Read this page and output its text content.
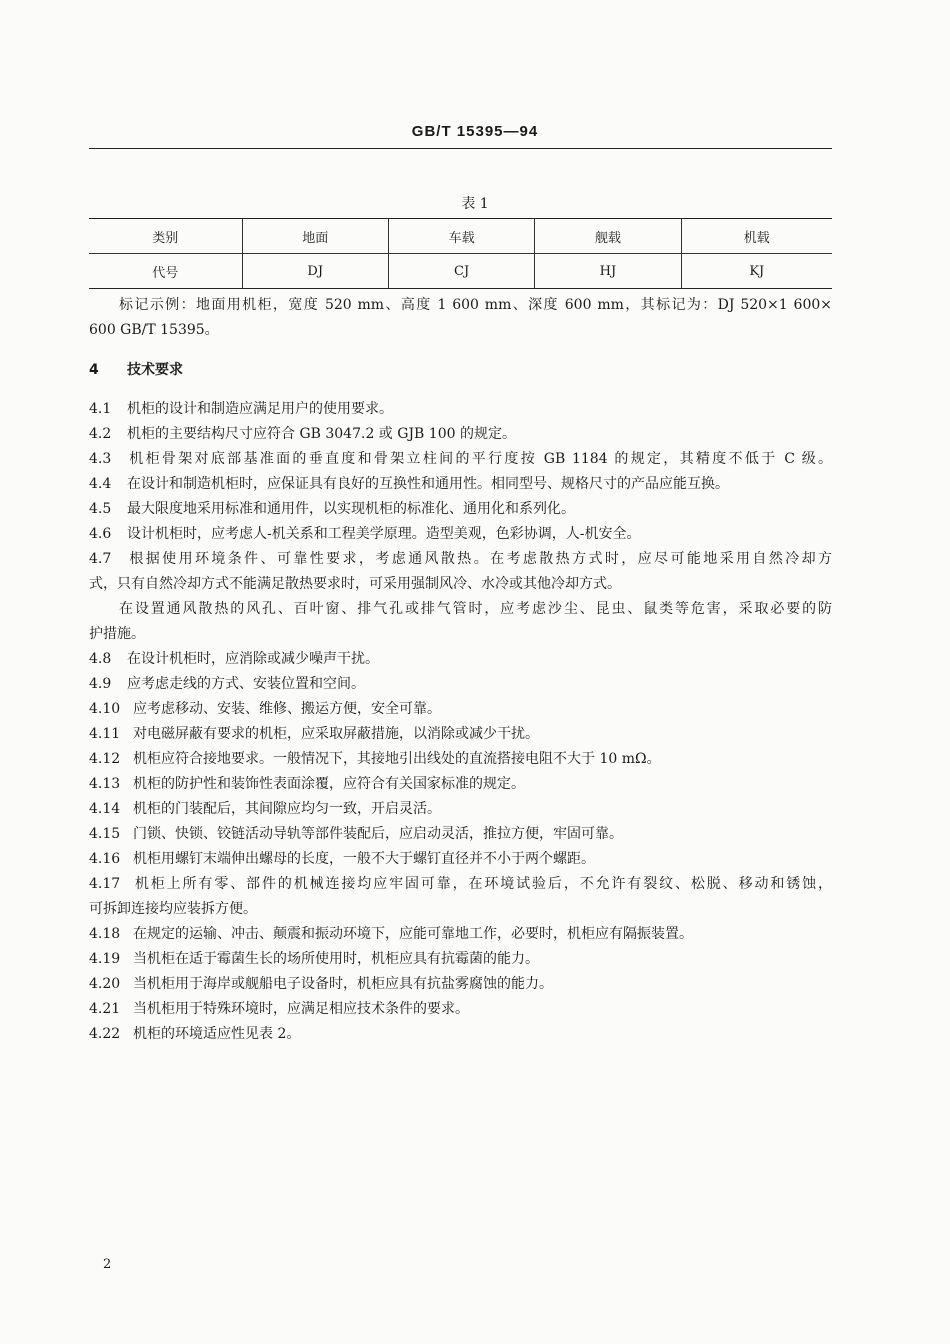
GB/T 15395—94
表 1
类别	地面	车载	舰载	机载
代号	DJ	CJ	HJ	KJ
标记示例：地面用机柜，宽度 520 mm、高度 1 600 mm、深度 600 mm，其标记为：DJ 520×1 600×
600 GB/T 15395。
4 技术要求
4.1 机柜的设计和制造应满足用户的使用要求。
4.2 机柜的主要结构尺寸应符合 GB 3047.2 或 GJB 100 的规定。
4.3 机柜骨架对底部基准面的垂直度和骨架立柱间的平行度按 GB 1184 的规定，其精度不低于 C 级。
4.4 在设计和制造机柜时，应保证具有良好的互换性和通用性。相同型号、规格尺寸的产品应能互换。
4.5 最大限度地采用标准和通用件，以实现机柜的标准化、通用化和系列化。
4.6 设计机柜时，应考虑人-机关系和工程美学原理。造型美观，色彩协调，人-机安全。
4.7 根据使用环境条件、可靠性要求，考虑通风散热。在考虑散热方式时，应尽可能地采用自然冷却方
式，只有自然冷却方式不能满足散热要求时，可采用强制风冷、水冷或其他冷却方式。
在设置通风散热的风孔、百叶窗、排气孔或排气管时，应考虑沙尘、昆虫、鼠类等危害，采取必要的防
护措施。
4.8 在设计机柜时，应消除或减少噪声干扰。
4.9 应考虑走线的方式、安装位置和空间。
4.10 应考虑移动、安装、维修、搬运方便，安全可靠。
4.11 对电磁屏蔽有要求的机柜，应采取屏蔽措施，以消除或减少干扰。
4.12 机柜应符合接地要求。一般情况下，其接地引出线处的直流搭接电阻不大于 10 mΩ。
4.13 机柜的防护性和装饰性表面涂覆，应符合有关国家标准的规定。
4.14 机柜的门装配后，其间隙应均匀一致，开启灵活。
4.15 门锁、快锁、铰链活动导轨等部件装配后，应启动灵活，推拉方便，牢固可靠。
4.16 机柜用螺钉末端伸出螺母的长度，一般不大于螺钉直径并不小于两个螺距。
4.17 机柜上所有零、部件的机械连接均应牢固可靠，在环境试验后，不允许有裂纹、松脱、移动和锈蚀，
可拆卸连接均应装拆方便。
4.18 在规定的运输、冲击、颠震和振动环境下，应能可靠地工作，必要时，机柜应有隔振装置。
4.19 当机柜在适于霉菌生长的场所使用时，机柜应具有抗霉菌的能力。
4.20 当机柜用于海岸或舰船电子设备时，机柜应具有抗盐雾腐蚀的能力。
4.21 当机柜用于特殊环境时，应满足相应技术条件的要求。
4.22 机柜的环境适应性见表 2。
2
